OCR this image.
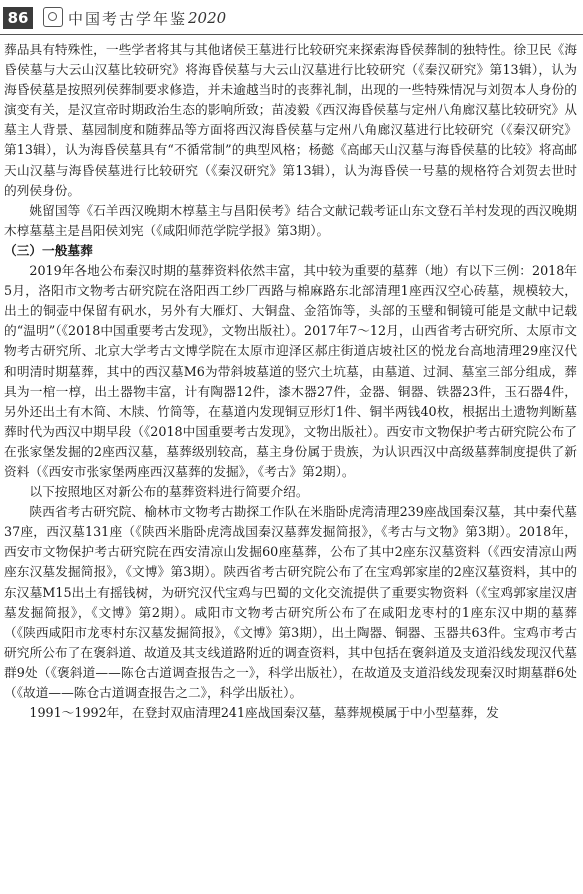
86	中国考古学年鉴 2020

葬品具有特殊性，一些学者将其与其他诸侯王墓进行比较研究来探索海昏侯葬制的独特性。徐卫民《海昏侯墓与大云山汉墓比较研究》将海昏侯墓与大云山汉墓进行比较研究（《秦汉研究》第13辑），认为海昏侯墓是按照列侯葬制要求修造，并未逾越当时的丧葬礼制，出现的一些特殊情况与刘贺本人身份的演变有关，是汉宣帝时期政治生态的影响所致；苗凌毅《西汉海昏侯墓与定州八角廊汉墓比较研究》从墓主人背景、墓园制度和随葬品等方面将西汉海昏侯墓与定州八角廊汉墓进行比较研究（《秦汉研究》第13辑），认为海昏侯墓具有“不循常制”的典型风格；杨懿《高邮天山汉墓与海昏侯墓的比较》将高邮天山汉墓与海昏侯墓进行比较研究（《秦汉研究》第13辑），认为海昏侯一号墓的规格符合刘贺去世时的列侯身份。

姚留国等《石羊西汉晚期木椁墓主与昌阳侯考》结合文献记载考证山东文登石羊村发现的西汉晚期木椁墓墓主是昌阳侯刘宪（《咸阳师范学院学报》第3期）。

（三）一般墓葬

2019年各地公布秦汉时期的墓葬资料依然丰富，其中较为重要的墓葬（地）有以下三例：2018年5月，洛阳市文物考古研究院在洛阳西工纱厂西路与棉麻路东北部清理1座西汉空心砖墓，规模较大，出土的铜壶中保留有矾水，另外有大雁灯、大铜盘、金箔饰等，头部的玉璧和铜镜可能是文献中记载的“温明”（《2018中国重要考古发现》，文物出版社）。2017年7～12月，山西省考古研究所、太原市文物考古研究所、北京大学考古文博学院在太原市迎泽区郝庄街道店坡社区的悦龙台高地清理29座汉代和明清时期墓葬，其中的西汉墓M6为带斜坡墓道的竖穴土坑墓，由墓道、过洞、墓室三部分组成，葬具为一棺一椁，出土器物丰富，计有陶器12件，漆木器27件，金器、铜器、铁器23件，玉石器4件，另外还出土有木简、木牍、竹简等，在墓道内发现铜豆形灯1件、铜半两钱40枚，根据出土遗物判断墓葬时代为西汉中期早段（《2018中国重要考古发现》，文物出版社）。西安市文物保护考古研究院公布了在张家堡发掘的2座西汉墓，墓葬级别较高，墓主身份属于贵族，为认识西汉中高级墓葬制度提供了新资料（《西安市张家堡两座西汉墓葬的发掘》，《考古》第2期）。

以下按照地区对新公布的墓葬资料进行简要介绍。

陕西省考古研究院、榆林市文物考古勘探工作队在米脂卧虎湾清理239座战国秦汉墓，其中秦代墓37座，西汉墓131座（《陕西米脂卧虎湾战国秦汉墓葬发掘简报》，《考古与文物》第3期）。2018年，西安市文物保护考古研究院在西安清凉山发掘60座墓葬，公布了其中2座东汉墓资料（《西安清凉山两座东汉墓发掘简报》，《文博》第3期）。陕西省考古研究院公布了在宝鸡郭家崖的2座汉墓资料，其中的东汉墓M15出土有摇钱树，为研究汉代宝鸡与巴蜀的文化交流提供了重要实物资料（《宝鸡郭家崖汉唐墓发掘简报》，《文博》第2期）。咸阳市文物考古研究所公布了在咸阳龙枣村的1座东汉中期的墓葬（《陕西咸阳市龙枣村东汉墓发掘简报》，《文博》第3期），出土陶器、铜器、玉器共63件。宝鸡市考古研究所公布了在褒斜道、故道及其支线道路附近的调查资料，其中包括在褒斜道及支道沿线发现汉代墓群9处（《褒斜道——陈仓古道调查报告之一》，科学出版社），在故道及支道沿线发现秦汉时期墓群6处（《故道——陈仓古道调查报告之二》，科学出版社）。

1991～1992年，在登封双庙清理241座战国秦汉墓，墓葬规模属于中小型墓葬，发
